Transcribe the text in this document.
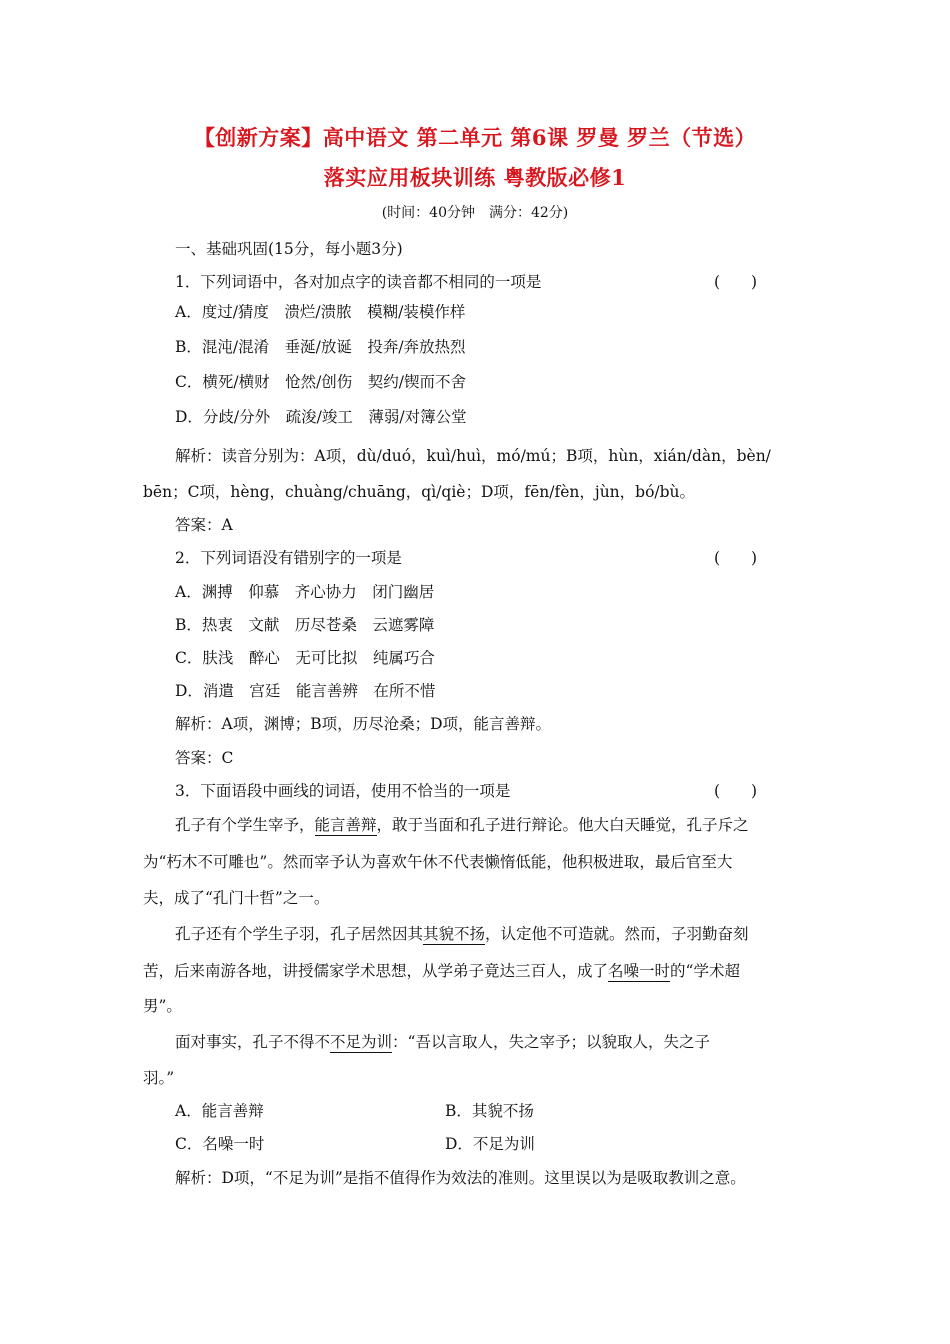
【创新方案】高中语文 第二单元 第6课 罗曼 罗兰（节选）
落实应用板块训练 粤教版必修1
(时间：40分钟　满分：42分)
一、基础巩固(15分，每小题3分)
1．下列词语中，各对加点字的读音都不相同的一项是	(　　)
A．度过/猜度　溃烂/溃脓　模糊/装模作样
B．混沌/混淆　垂涎/放诞　投奔/奔放热烈
C．横死/横财　怆然/创伤　契约/锲而不舍
D．分歧/分外　疏浚/竣工　薄弱/对簿公堂
解析：读音分别为：A项，dù/duó，kuì/huì，mó/mú；B项，hùn，xián/dàn，bèn/
bēn；C项，hèng，chuàng/chuāng，qì/qiè；D项，fēn/fèn，jùn，bó/bù。
答案：A
2．下列词语没有错别字的一项是	(　　)
A．渊搏　仰慕　齐心协力　闭门幽居
B．热衷　文献　历尽苍桑　云遮雾障
C．肤浅　醉心　无可比拟　纯属巧合
D．消遣　宫廷　能言善辨　在所不惜
解析：A项，渊博；B项，历尽沧桑；D项，能言善辩。
答案：C
3．下面语段中画线的词语，使用不恰当的一项是	(　　)
孔子有个学生宰予，能言善辩，敢于当面和孔子进行辩论。他大白天睡觉，孔子斥之
为“朽木不可雕也”。然而宰予认为喜欢午休不代表懒惰低能，他积极进取，最后官至大
夫，成了“孔门十哲”之一。
孔子还有个学生子羽，孔子居然因其其貌不扬，认定他不可造就。然而，子羽勤奋刻
苦，后来南游各地，讲授儒家学术思想，从学弟子竟达三百人，成了名噪一时的“学术超
男”。
面对事实，孔子不得不不足为训：“吾以言取人，失之宰予；以貌取人，失之子
羽。”
A．能言善辩	B．其貌不扬
C．名噪一时	D．不足为训
解析：D项，“不足为训”是指不值得作为效法的准则。这里误以为是吸取教训之意。
